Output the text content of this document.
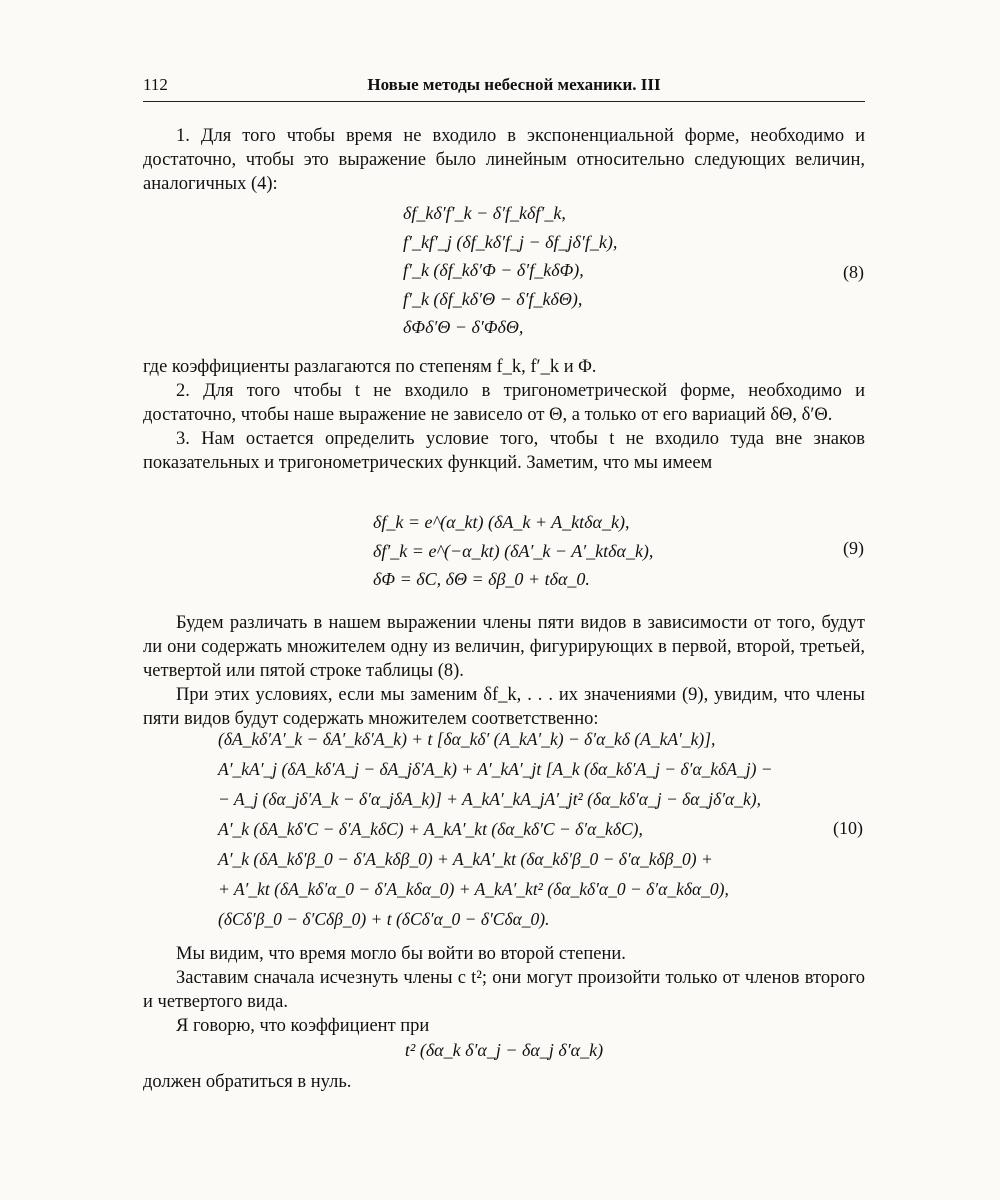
112	Новые методы небесной механики. III

1. Для того чтобы время не входило в экспоненциальной форме, необходимо и достаточно, чтобы это выражение было линейным относительно следующих величин, аналогичных (4):

δf_kδ′f′_k − δ′f_kδf′_k,
f′_kf′_j (δf_kδ′f_j − δf_jδ′f_k),
f′_k (δf_kδ′Φ − δ′f_kδΦ),
f′_k (δf_kδ′Θ − δ′f_kδΘ),
δΦδ′Θ − δ′ΦδΘ,
(8)

где коэффициенты разлагаются по степеням f_k, f′_k и Φ.

2. Для того чтобы t не входило в тригонометрической форме, необходимо и достаточно, чтобы наше выражение не зависело от Θ, а только от его вариаций δΘ, δ′Θ.

3. Нам остается определить условие того, чтобы t не входило туда вне знаков показательных и тригонометрических функций. Заметим, что мы имеем

δf_k = e^(α_kt) (δA_k + A_ktδα_k),
δf′_k = e^(−α_kt) (δA′_k − A′_ktδα_k),
δΦ = δC, δΘ = δβ_0 + tδα_0.
(9)

Будем различать в нашем выражении члены пяти видов в зависимости от того, будут ли они содержать множителем одну из величин, фигурирующих в первой, второй, третьей, четвертой или пятой строке таблицы (8).

При этих условиях, если мы заменим δf_k, . . . их значениями (9), увидим, что члены пяти видов будут содержать множителем соответственно:

(δA_kδ′A′_k − δA′_kδ′A_k) + t [δα_kδ′ (A_kA′_k) − δ′α_kδ (A_kA′_k)],
A′_kA′_j (δA_kδ′A_j − δA_jδ′A_k) + A′_kA′_jt [A_k (δα_kδ′A_j − δ′α_kδA_j) −
− A_j (δα_jδ′A_k − δ′α_jδA_k)] + A_kA′_kA_jA′_jt² (δα_kδ′α_j − δα_jδ′α_k),
A′_k (δA_kδ′C − δ′A_kδC) + A_kA′_kt (δα_kδ′C − δ′α_kδC),
A′_k (δA_kδ′β_0 − δ′A_kδβ_0) + A_kA′_kt (δα_kδ′β_0 − δ′α_kδβ_0) +
+ A′_kt (δA_kδ′α_0 − δ′A_kδα_0) + A_kA′_kt² (δα_kδ′α_0 − δ′α_kδα_0),
(δCδ′β_0 − δ′Cδβ_0) + t (δCδ′α_0 − δ′Cδα_0).
(10)

Мы видим, что время могло бы войти во второй степени.

Заставим сначала исчезнуть члены с t²; они могут произойти только от членов второго и четвертого вида.

Я говорю, что коэффициент при

t² (δα_k δ′α_j − δα_j δ′α_k)

должен обратиться в нуль.
